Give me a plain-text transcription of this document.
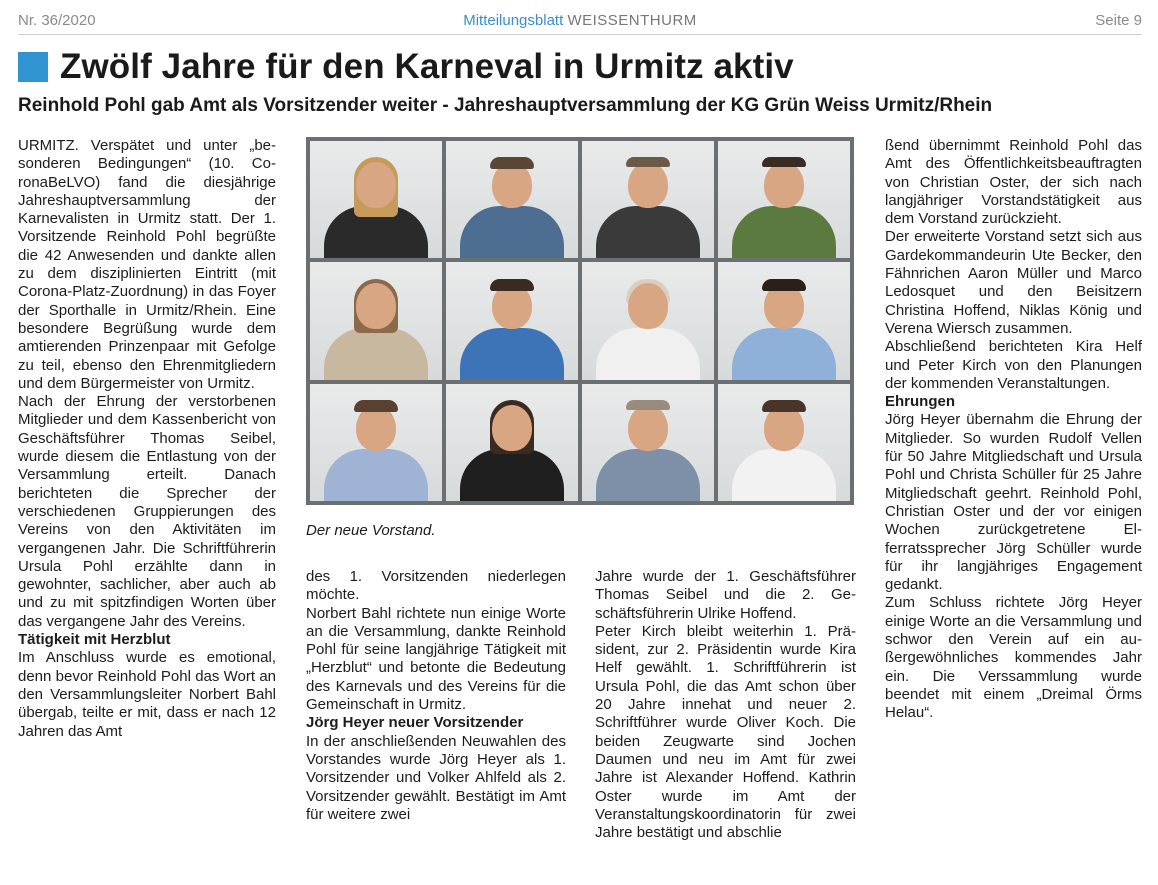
Nr. 36/2020	Mitteilungsblatt WEISSENTHURM	Seite 9
Zwölf Jahre für den Karneval in Urmitz aktiv
Reinhold Pohl gab Amt als Vorsitzender weiter - Jahreshauptversammlung der KG Grün Weiss Urmitz/Rhein

URMITZ. Verspätet und unter „besonderen Bedingungen“ (10. CoronaBeLVO) fand die diesjährige Jahreshauptversammlung der Karnevalisten in Urmitz statt. Der 1. Vorsitzende Reinhold Pohl begrüßte die 42 Anwesenden und dankte allen zu dem disziplinierten Eintritt (mit Corona-Platz-Zuordnung) in das Foyer der Sporthalle in Urmitz/Rhein. Eine besondere Begrüßung wurde dem amtierenden Prinzenpaar mit Gefolge zu teil, ebenso den Ehrenmitgliedern und dem Bürgermeister von Urmitz.

Nach der Ehrung der verstorbenen Mitglieder und dem Kassenbericht von Geschäftsführer Thomas Seibel, wurde diesem die Entlastung von der Versammlung erteilt. Danach berichteten die Sprecher der verschiedenen Gruppierungen des Vereins von den Aktivitäten im vergangenen Jahr. Die Schriftführerin Ursula Pohl erzählte dann in gewohnter, sachlicher, aber auch ab und zu mit spitzfindigen Worten über das vergangene Jahr des Vereins.

Tätigkeit mit Herzblut

Im Anschluss wurde es emotional, denn bevor Reinhold Pohl das Wort an den Versammlungsleiter Norbert Bahl übergab, teilte er mit, dass er nach 12 Jahren das Amt

Der neue Vorstand.

des 1. Vorsitzenden niederlegen möchte.

Norbert Bahl richtete nun einige Worte an die Versammlung, dankte Reinhold Pohl für seine langjährige Tätigkeit mit „Herzblut“ und betonte die Bedeutung des Karnevals und des Vereins für die Gemeinschaft in Urmitz.

Jörg Heyer neuer Vorsitzender

In der anschließenden Neuwahlen des Vorstandes wurde Jörg Heyer als 1. Vorsitzender und Volker Ahlfeld als 2. Vorsitzender gewählt. Bestätigt im Amt für weitere zwei

Jahre wurde der 1. Geschäftsführer Thomas Seibel und die 2. Geschäftsführerin Ulrike Hoffend.

Peter Kirch bleibt weiterhin 1. Präsident, zur 2. Präsidentin wurde Kira Helf gewählt. 1. Schriftführerin ist Ursula Pohl, die das Amt schon über 20 Jahre innehat und neuer 2. Schriftführer wurde Oliver Koch. Die beiden Zeugwarte sind Jochen Daumen und neu im Amt für zwei Jahre ist Alexander Hoffend. Kathrin Oster wurde im Amt der Veranstaltungskoordinatorin für zwei Jahre bestätigt und abschlie

ßend übernimmt Reinhold Pohl das Amt des Öffentlichkeitsbeauftragten von Christian Oster, der sich nach langjähriger Vorstandstätigkeit aus dem Vorstand zurückzieht.

Der erweiterte Vorstand setzt sich aus Gardekommandeurin Ute Becker, den Fähnrichen Aaron Müller und Marco Ledosquet und den Beisitzern Christina Hoffend, Niklas König und Verena Wiersch zusammen.

Abschließend berichteten Kira Helf und Peter Kirch von den Planungen der kommenden Veranstaltungen.

Ehrungen

Jörg Heyer übernahm die Ehrung der Mitglieder. So wurden Rudolf Vellen für 50 Jahre Mitgliedschaft und Ursula Pohl und Christa Schüller für 25 Jahre Mitgliedschaft geehrt. Reinhold Pohl, Christian Oster und der vor einigen Wochen zurückgetretene Elferratssprecher Jörg Schüller wurde für ihr langjähriges Engagement gedankt.

Zum Schluss richtete Jörg Heyer einige Worte an die Versammlung und schwor den Verein auf ein außergewöhnliches kommendes Jahr ein. Die Verssammlung wurde beendet mit einem „Dreimal Örms Helau“.
